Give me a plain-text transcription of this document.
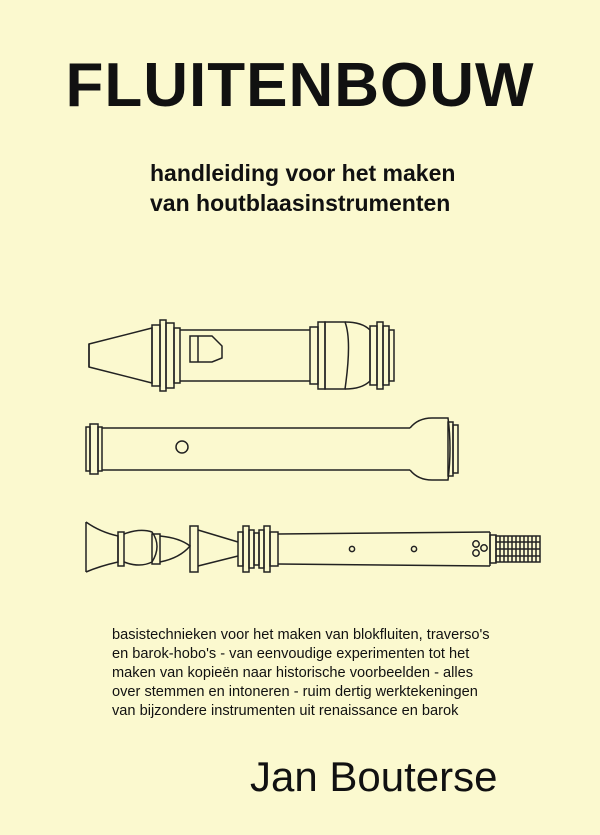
FLUITENBOUW
handleiding voor het maken
van houtblaasinstrumenten
basistechnieken voor het maken van blokfluiten, traverso's
en barok-hobo's - van eenvoudige experimenten tot het
maken van kopieën naar historische voorbeelden - alles
over stemmen en intoneren - ruim dertig werktekeningen
van bijzondere instrumenten uit renaissance en barok
Jan Bouterse
